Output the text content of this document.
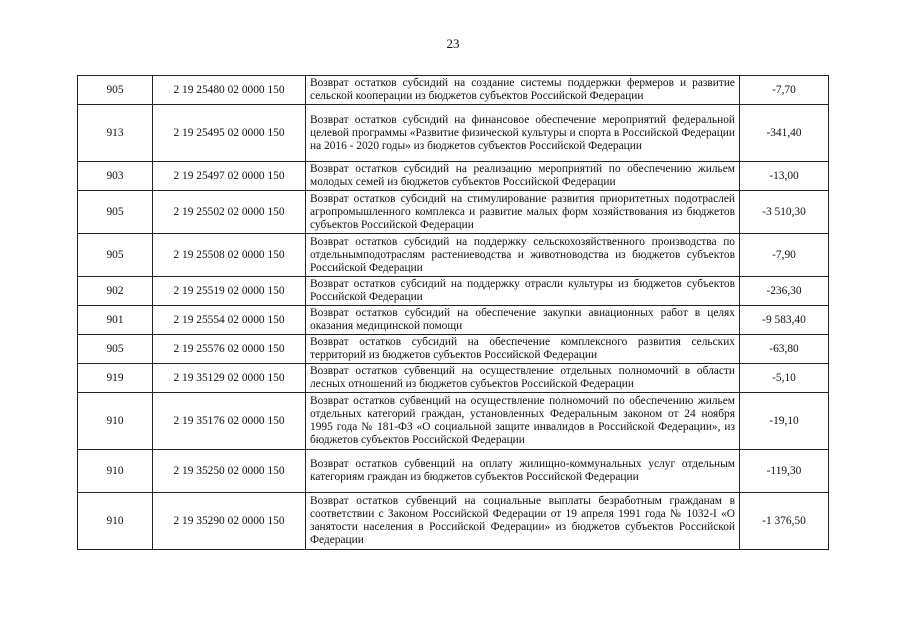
23
905	2 19 25480 02 0000 150	Возврат остатков субсидий на создание системы поддержки фермеров и развитие сельской кооперации из бюджетов субъектов Российской Федерации	-7,70
913	2 19 25495 02 0000 150	Возврат остатков субсидий на финансовое обеспечение мероприятий федеральной целевой программы «Развитие физической культуры и спорта в Российской Федерации на 2016 - 2020 годы» из бюджетов субъектов Российской Федерации	-341,40
903	2 19 25497 02 0000 150	Возврат остатков субсидий на реализацию мероприятий по обеспечению жильем молодых семей из бюджетов субъектов Российской Федерации	-13,00
905	2 19 25502 02 0000 150	Возврат остатков субсидий на стимулирование развития приоритетных подотраслей агропромышленного комплекса и развитие малых форм хозяйствования из бюджетов субъектов Российской Федерации	-3 510,30
905	2 19 25508 02 0000 150	Возврат остатков субсидий на поддержку сельскохозяйственного производства по отдельнымподотраслям растениеводства и животноводства из бюджетов субъектов Российской Федерации	-7,90
902	2 19 25519 02 0000 150	Возврат остатков субсидий на поддержку отрасли культуры из бюджетов субъектов Российской Федерации	-236,30
901	2 19 25554 02 0000 150	Возврат остатков субсидий на обеспечение закупки авиационных работ в целях оказания медицинской помощи	-9 583,40
905	2 19 25576 02 0000 150	Возврат остатков субсидий на обеспечение комплексного развития сельских территорий из бюджетов субъектов Российской Федерации	-63,80
919	2 19 35129 02 0000 150	Возврат остатков субвенций на осуществление отдельных полномочий в области лесных отношений из бюджетов субъектов Российской Федерации	-5,10
910	2 19 35176 02 0000 150	Возврат остатков субвенций на осуществление полномочий по обеспечению жильем отдельных категорий граждан, установленных Федеральным законом от 24 ноября 1995 года № 181-ФЗ «О социальной защите инвалидов в Российской Федерации», из бюджетов субъектов Российской Федерации	-19,10
910	2 19 35250 02 0000 150	Возврат остатков субвенций на оплату жилищно-коммунальных услуг отдельным категориям граждан из бюджетов субъектов Российской Федерации	-119,30
910	2 19 35290 02 0000 150	Возврат остатков субвенций на социальные выплаты безработным гражданам в соответствии с Законом Российской Федерации от 19 апреля 1991 года № 1032-I «О занятости населения в Российской Федерации» из бюджетов субъектов Российской Федерации	-1 376,50
